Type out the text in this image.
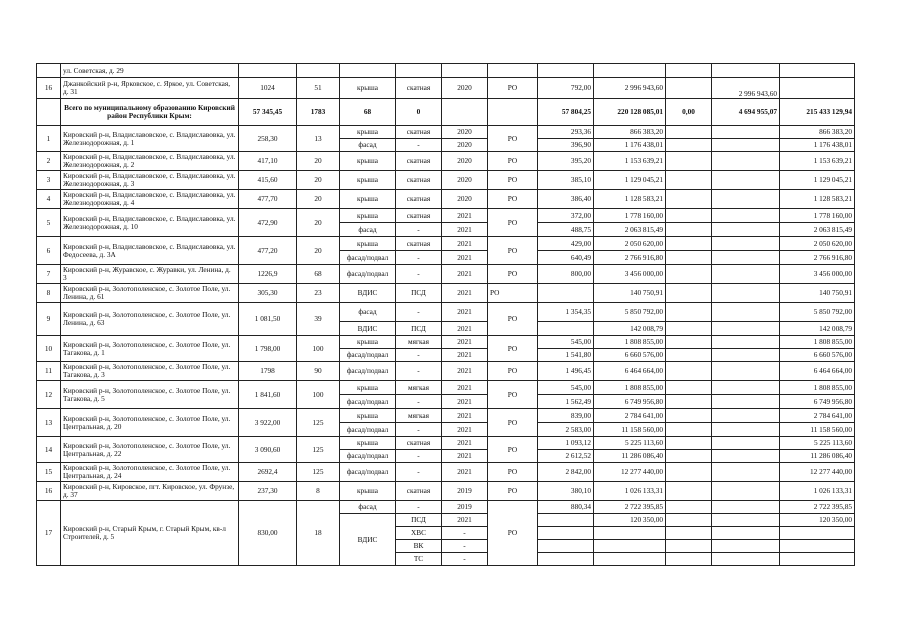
	ул. Советская, д. 29											
16	Джанкойский р-н, Ярковское, с. Яркое, ул. Советская, д. 31	1024	51	крыша	скатная	2020	РО	792,00	2 996 943,60		2 996 943,60	
	Всего по муниципальному образованию Кировский район Республики Крым:	57 345,45	1783	68	0			57 804,25	220 128 085,01	0,00	4 694 955,07	215 433 129,94
1	Кировский р-н, Владиславовское, с. Владиславовка, ул. Железнодорожная, д. 1	258,30	13	крыша	скатная	2020	РО	293,36	866 383,20			866 383,20
				фасад	-	2020		396,90	1 176 438,01			1 176 438,01
2	Кировский р-н, Владиславовское, с. Владиславовка, ул. Железнодорожная, д. 2	417,10	20	крыша	скатная	2020	РО	395,20	1 153 639,21			1 153 639,21
3	Кировский р-н, Владиславовское, с. Владиславовка, ул. Железнодорожная, д. 3	415,60	20	крыша	скатная	2020	РО	385,10	1 129 045,21			1 129 045,21
4	Кировский р-н, Владиславовское, с. Владиславовка, ул. Железнодорожная, д. 4	477,70	20	крыша	скатная	2020	РО	386,40	1 128 583,21			1 128 583,21
5	Кировский р-н, Владиславовское, с. Владиславовка, ул. Железнодорожная, д. 10	472,90	20	крыша	скатная	2021	РО	372,00	1 778 160,00			1 778 160,00
				фасад	-	2021		488,75	2 063 815,49			2 063 815,49
6	Кировский р-н, Владиславовское, с. Владиславовка, ул. Федосеева, д. 3А	477,20	20	крыша	скатная	2021	РО	429,00	2 050 620,00			2 050 620,00
				фасад/подвал	-	2021		640,49	2 766 916,80			2 766 916,80
7	Кировский р-н, Журавское, с. Журавки, ул. Ленина, д. 3	1226,9	68	фасад/подвал	-	2021	РО	800,00	3 456 000,00			3 456 000,00
8	Кировский р-н, Золотополенское, с. Золотое Поле, ул. Ленина, д. 61	305,30	23	ВДИС	ПСД	2021	РО		140 750,91			140 750,91
9	Кировский р-н, Золотополенское, с. Золотое Поле, ул. Ленина, д. 63	1 081,50	39	фасад	-	2021	РО	1 354,35	5 850 792,00			5 850 792,00
				ВДИС	ПСД	2021			142 008,79			142 008,79
10	Кировский р-н, Золотополенское, с. Золотое Поле, ул. Тагакова, д. 1	1 798,00	100	крыша	мягкая	2021	РО	545,00	1 808 855,00			1 808 855,00
				фасад/подвал	-	2021		1 541,80	6 660 576,00			6 660 576,00
11	Кировский р-н, Золотополенское, с. Золотое Поле, ул. Тагакова, д. 3	1798	90	фасад/подвал	-	2021	РО	1 496,45	6 464 664,00			6 464 664,00
12	Кировский р-н, Золотополенское, с. Золотое Поле, ул. Тагакова, д. 5	1 841,60	100	крыша	мягкая	2021	РО	545,00	1 808 855,00			1 808 855,00
				фасад/подвал	-	2021		1 562,49	6 749 956,80			6 749 956,80
13	Кировский р-н, Золотополенское, с. Золотое Поле, ул. Центральная, д. 20	3 922,00	125	крыша	мягкая	2021	РО	839,00	2 784 641,00			2 784 641,00
				фасад/подвал	-	2021		2 583,00	11 158 560,00			11 158 560,00
14	Кировский р-н, Золотополенское, с. Золотое Поле, ул. Центральная, д. 22	3 090,60	125	крыша	скатная	2021	РО	1 093,12	5 225 113,60			5 225 113,60
				фасад/подвал	-	2021		2 612,52	11 286 086,40			11 286 086,40
15	Кировский р-н, Золотополенское, с. Золотое Поле, ул. Центральная, д. 24	2692,4	125	фасад/подвал	-	2021	РО	2 842,00	12 277 440,00			12 277 440,00
16	Кировский р-н, Кировское, пгт. Кировское, ул. Фрунзе, д. 37	237,30	8	крыша	скатная	2019	РО	380,10	1 026 133,31			1 026 133,31
17	Кировский р-н, Старый Крым, г. Старый Крым, кв-л Строителей, д. 5	830,00	18	фасад	-	2019	РО	880,34	2 722 395,85			2 722 395,85
				ВДИС	ПСД	2021			120 350,00			120 350,00
					ХВС	-						
					ВК	-						
					ТС	-						
